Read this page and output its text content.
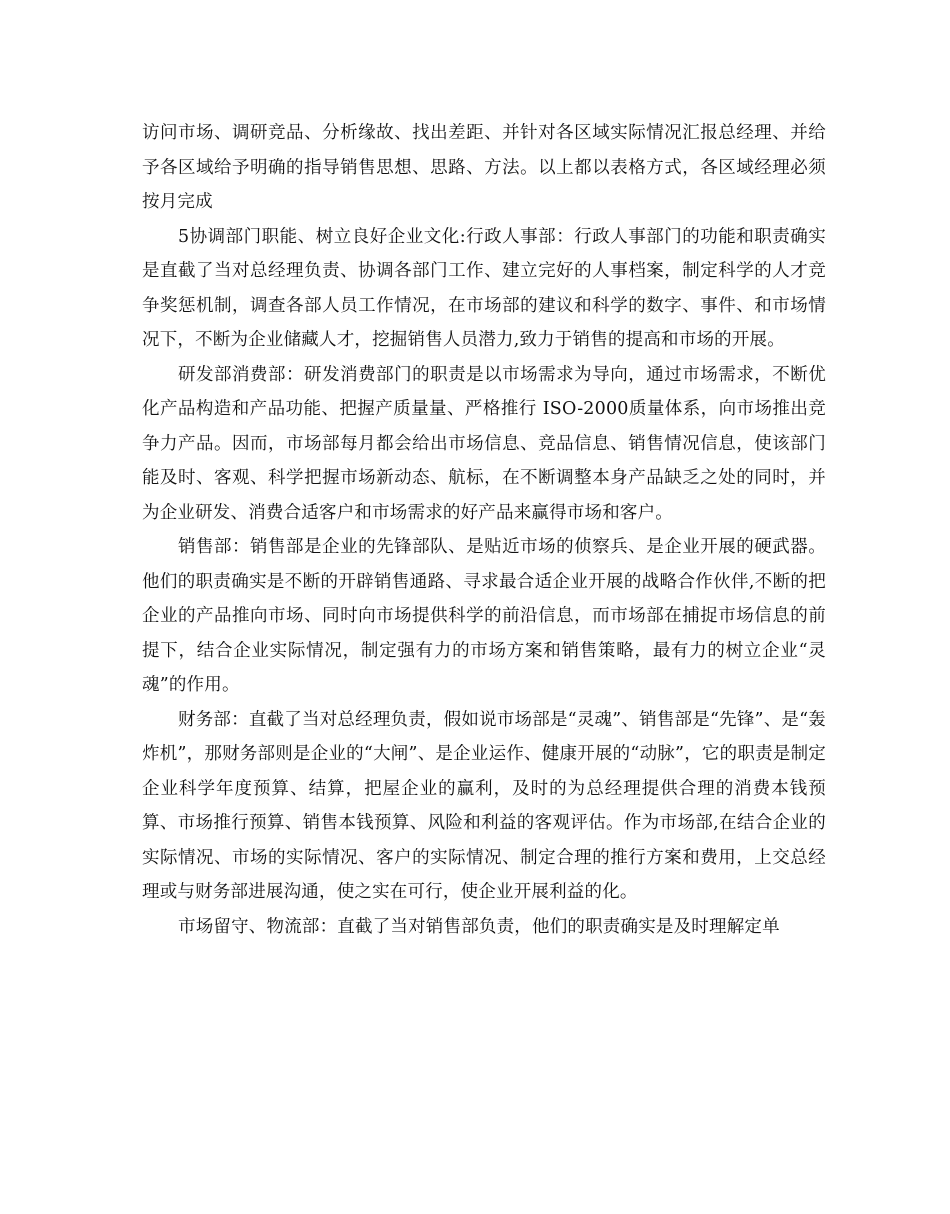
访问市场、调研竞品、分析缘故、找出差距、并针对各区域实际情况汇报总经理、并给予各区域给予明确的指导销售思想、思路、方法。以上都以表格方式，各区域经理必须按月完成

5协调部门职能、树立良好企业文化:行政人事部：行政人事部门的功能和职责确实是直截了当对总经理负责、协调各部门工作、建立完好的人事档案，制定科学的人才竞争奖惩机制，调查各部人员工作情况，在市场部的建议和科学的数字、事件、和市场情况下，不断为企业储藏人才，挖掘销售人员潜力,致力于销售的提高和市场的开展。

研发部消费部：研发消费部门的职责是以市场需求为导向，通过市场需求，不断优化产品构造和产品功能、把握产质量量、严格推行 ISO-2000质量体系，向市场推出竞争力产品。因而，市场部每月都会给出市场信息、竞品信息、销售情况信息，使该部门能及时、客观、科学把握市场新动态、航标，在不断调整本身产品缺乏之处的同时，并为企业研发、消费合适客户和市场需求的好产品来赢得市场和客户。

销售部：销售部是企业的先锋部队、是贴近市场的侦察兵、是企业开展的硬武器。他们的职责确实是不断的开辟销售通路、寻求最合适企业开展的战略合作伙伴,不断的把企业的产品推向市场、同时向市场提供科学的前沿信息，而市场部在捕捉市场信息的前提下，结合企业实际情况，制定强有力的市场方案和销售策略，最有力的树立企业“灵魂”的作用。

财务部：直截了当对总经理负责，假如说市场部是“灵魂”、销售部是“先锋”、是“轰炸机”，那财务部则是企业的“大闸”、是企业运作、健康开展的“动脉”，它的职责是制定企业科学年度预算、结算，把屋企业的赢利，及时的为总经理提供合理的消费本钱预算、市场推行预算、销售本钱预算、风险和利益的客观评估。作为市场部,在结合企业的实际情况、市场的实际情况、客户的实际情况、制定合理的推行方案和费用，上交总经理或与财务部进展沟通，使之实在可行，使企业开展利益的化。

市场留守、物流部：直截了当对销售部负责，他们的职责确实是及时理解定单
